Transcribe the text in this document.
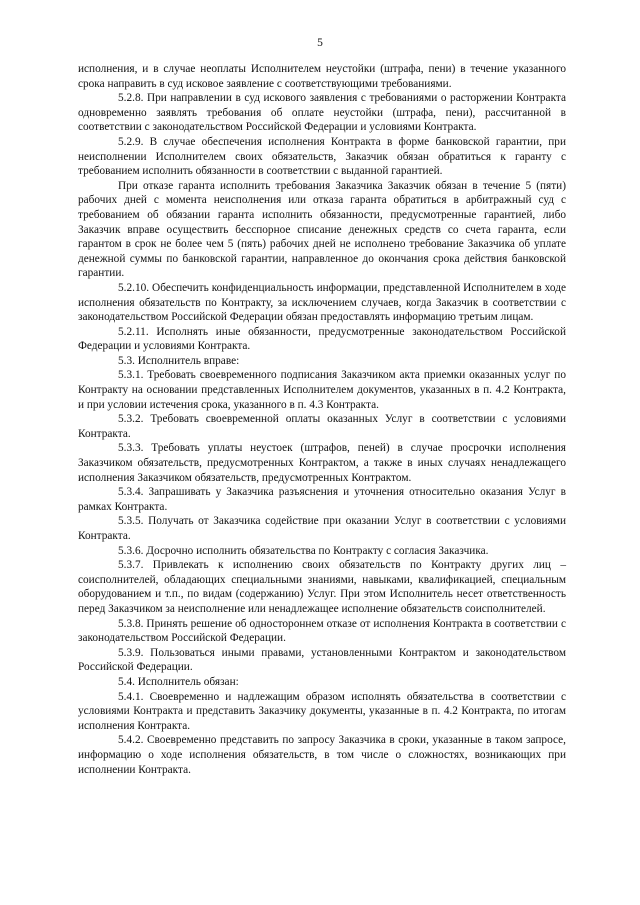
5

исполнения, и в случае неоплаты Исполнителем неустойки (штрафа, пени) в течение указанного срока направить в суд исковое заявление с соответствующими требованиями.

5.2.8. При направлении в суд искового заявления с требованиями о расторжении Контракта одновременно заявлять требования об оплате неустойки (штрафа, пени), рассчитанной в соответствии с законодательством Российской Федерации и условиями Контракта.

5.2.9. В случае обеспечения исполнения Контракта в форме банковской гарантии, при неисполнении Исполнителем своих обязательств, Заказчик обязан обратиться к гаранту с требованием исполнить обязанности в соответствии с выданной гарантией.

При отказе гаранта исполнить требования Заказчика Заказчик обязан в течение 5 (пяти) рабочих дней с момента неисполнения или отказа гаранта обратиться в арбитражный суд с требованием об обязании гаранта исполнить обязанности, предусмотренные гарантией, либо Заказчик вправе осуществить бесспорное списание денежных средств со счета гаранта, если гарантом в срок не более чем 5 (пять) рабочих дней не исполнено требование Заказчика об уплате денежной суммы по банковской гарантии, направленное до окончания срока действия банковской гарантии.

5.2.10. Обеспечить конфиденциальность информации, представленной Исполнителем в ходе исполнения обязательств по Контракту, за исключением случаев, когда Заказчик в соответствии с законодательством Российской Федерации обязан предоставлять информацию третьим лицам.

5.2.11. Исполнять иные обязанности, предусмотренные законодательством Российской Федерации и условиями Контракта.

5.3. Исполнитель вправе:

5.3.1. Требовать своевременного подписания Заказчиком акта приемки оказанных услуг по Контракту на основании представленных Исполнителем документов, указанных в п. 4.2 Контракта, и при условии истечения срока, указанного в п. 4.3 Контракта.

5.3.2. Требовать своевременной оплаты оказанных Услуг в соответствии с условиями Контракта.

5.3.3. Требовать уплаты неустоек (штрафов, пеней) в случае просрочки исполнения Заказчиком обязательств, предусмотренных Контрактом, а также в иных случаях ненадлежащего исполнения Заказчиком обязательств, предусмотренных Контрактом.

5.3.4. Запрашивать у Заказчика разъяснения и уточнения относительно оказания Услуг в рамках Контракта.

5.3.5. Получать от Заказчика содействие при оказании Услуг в соответствии с условиями Контракта.

5.3.6. Досрочно исполнить обязательства по Контракту с согласия Заказчика.

5.3.7. Привлекать к исполнению своих обязательств по Контракту других лиц – соисполнителей, обладающих специальными знаниями, навыками, квалификацией, специальным оборудованием и т.п., по видам (содержанию) Услуг. При этом Исполнитель несет ответственность перед Заказчиком за неисполнение или ненадлежащее исполнение обязательств соисполнителей.

5.3.8. Принять решение об одностороннем отказе от исполнения Контракта в соответствии с законодательством Российской Федерации.

5.3.9. Пользоваться иными правами, установленными Контрактом и законодательством Российской Федерации.

5.4. Исполнитель обязан:

5.4.1. Своевременно и надлежащим образом исполнять обязательства в соответствии с условиями Контракта и представить Заказчику документы, указанные в п. 4.2 Контракта, по итогам исполнения Контракта.

5.4.2. Своевременно представить по запросу Заказчика в сроки, указанные в таком запросе, информацию о ходе исполнения обязательств, в том числе о сложностях, возникающих при исполнении Контракта.
